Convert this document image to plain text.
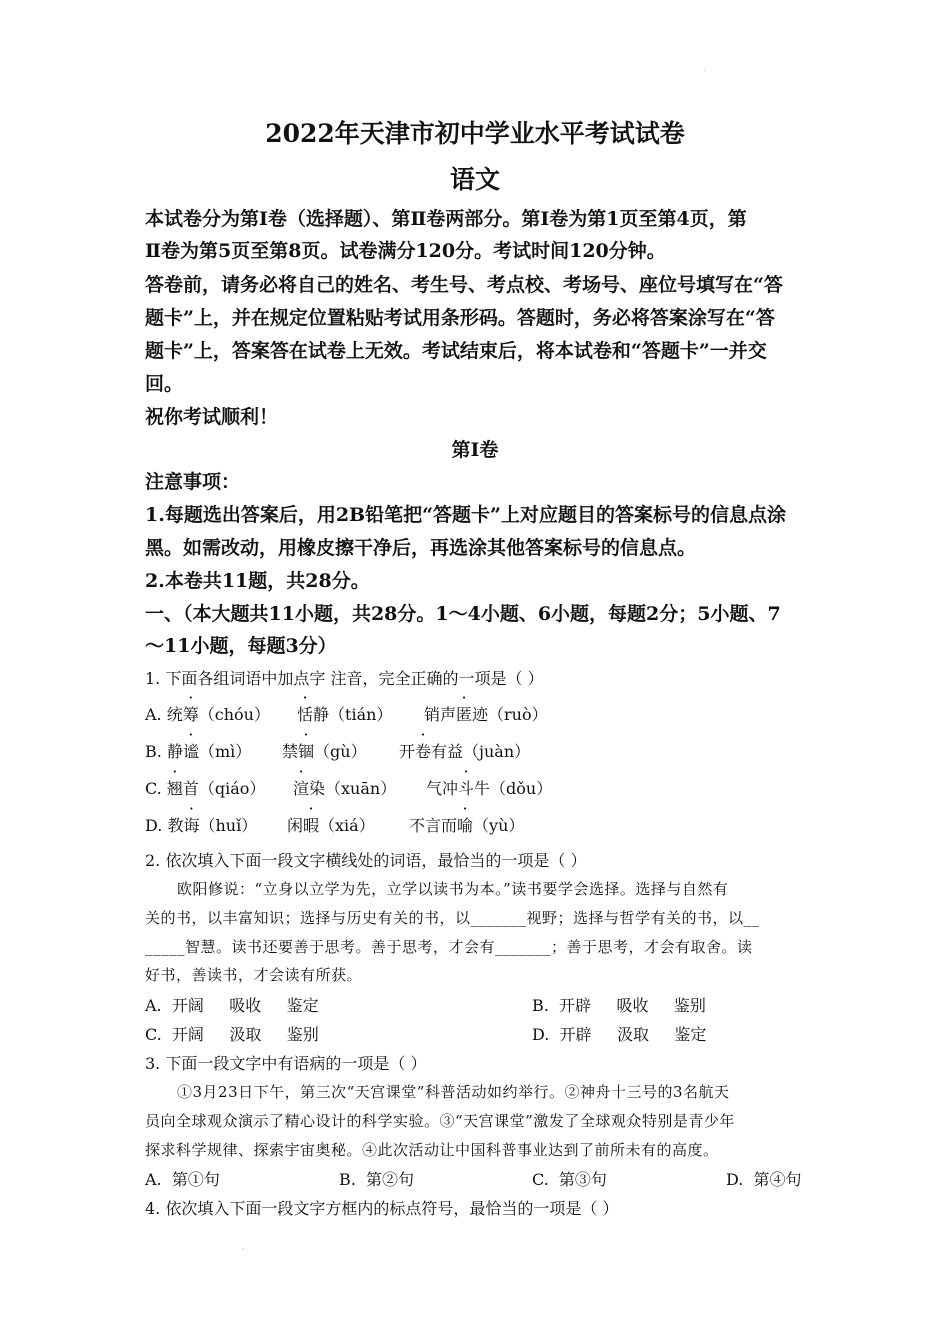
·
2022年天津市初中学业水平考试试卷
语文
本试卷分为第Ⅰ卷（选择题）、第Ⅱ卷两部分。第Ⅰ卷为第1页至第4页，第
Ⅱ卷为第5页至第8页。试卷满分120分。考试时间120分钟。
答卷前，请务必将自己的姓名、考生号、考点校、考场号、座位号填写在“答
题卡”上，并在规定位置粘贴考试用条形码。答题时，务必将答案涂写在“答
题卡”上，答案答在试卷上无效。考试结束后，将本试卷和“答题卡”一并交
回。
祝你考试顺利！
第Ⅰ卷
注意事项：
1.每题选出答案后，用2B铅笔把“答题卡”上对应题目的答案标号的信息点涂
黑。如需改动，用橡皮擦干净后，再选涂其他答案标号的信息点。
2.本卷共11题，共28分。
一、（本大题共11小题，共28分。1～4小题、6小题，每题2分；5小题、7
～11小题，每题3分）
1. 下面各组词语中加点字 注音，完全正确的一项是（ ）
A. 统筹（chóu） 恬静（tián） 销声匿迹（ruò）
B. 静谧（mì） 禁锢（gù） 开卷有益（juàn）
C. 翘首（qiáo） 渲染（xuān） 气冲斗牛（dǒu）
D. 教诲（huǐ） 闲暇（xiá） 不言而喻（yù）
2. 依次填入下面一段文字横线处的词语，最恰当的一项是（ ）
欧阳修说：“立身以立学为先，立学以读书为本。”读书要学会选择。选择与自然有
关的书，以丰富知识；选择与历史有关的书，以_______视野；选择与哲学有关的书，以__
_____智慧。读书还要善于思考。善于思考，才会有_______；善于思考，才会有取舍。读
好书，善读书，才会读有所获。
A.  开阔     吸收     鉴定	B.  开辟     吸收     鉴别
C.  开阔     汲取     鉴别	D.  开辟     汲取     鉴定
3. 下面一段文字中有语病的一项是（ ）
①3月23日下午，第三次“天宫课堂”科普活动如约举行。②神舟十三号的3名航天
员向全球观众演示了精心设计的科学实验。③“天宫课堂”激发了全球观众特别是青少年
探求科学规律、探索宇宙奥秘。④此次活动让中国科普事业达到了前所未有的高度。
A.  第①句	B.  第②句	C.  第③句	D.  第④句
4. 依次填入下面一段文字方框内的标点符号，最恰当的一项是（ ）
·
